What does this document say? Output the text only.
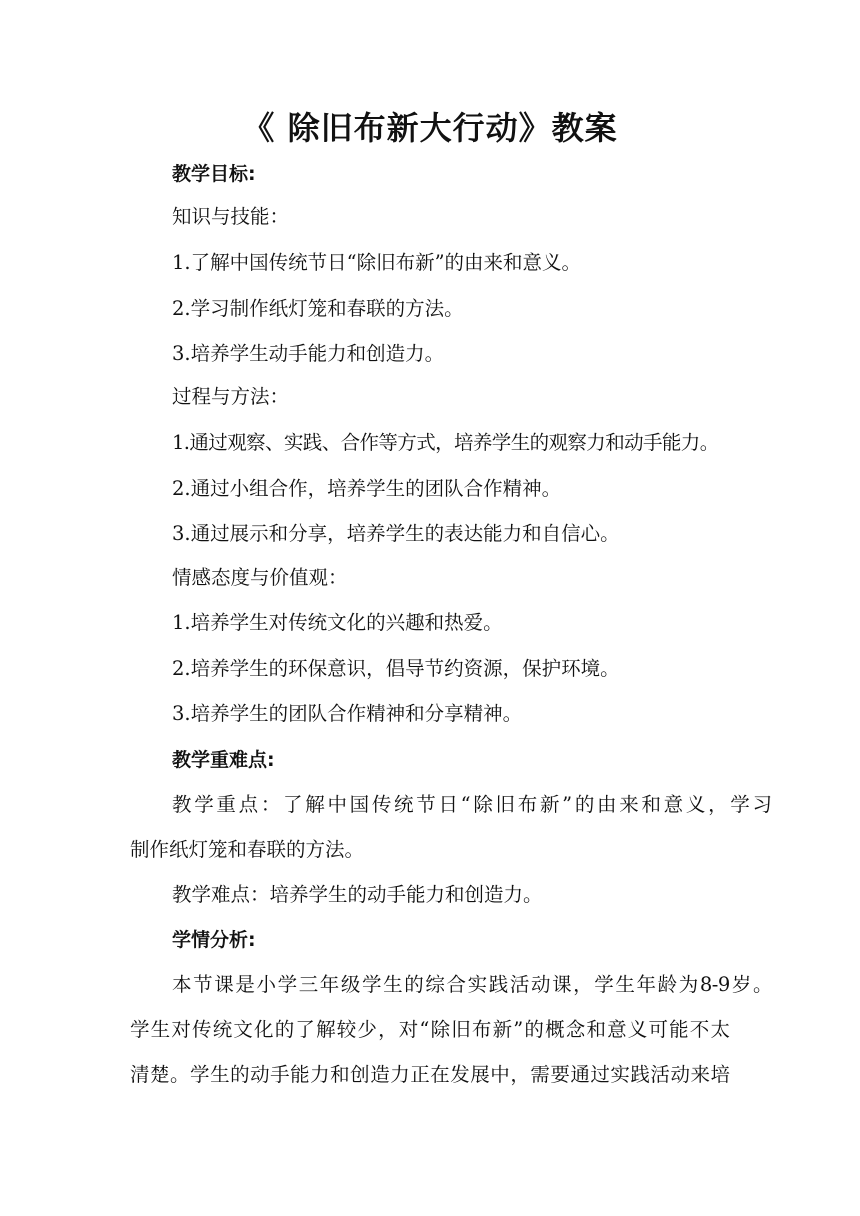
《 除旧布新大行动》教案
教学目标:
知识与技能：
1.了解中国传统节日“除旧布新”的由来和意义。
2.学习制作纸灯笼和春联的方法。
3.培养学生动手能力和创造力。
过程与方法：
1.通过观察、实践、合作等方式，培养学生的观察力和动手能力。
2.通过小组合作，培养学生的团队合作精神。
3.通过展示和分享，培养学生的表达能力和自信心。
情感态度与价值观：
1.培养学生对传统文化的兴趣和热爱。
2.培养学生的环保意识，倡导节约资源，保护环境。
3.培养学生的团队合作精神和分享精神。
教学重难点:
教学重点：了解中国传统节日“除旧布新”的由来和意义，学习
制作纸灯笼和春联的方法。
教学难点：培养学生的动手能力和创造力。
学情分析:
本节课是小学三年级学生的综合实践活动课，学生年龄为8-9岁。
学生对传统文化的了解较少，对“除旧布新”的概念和意义可能不太
清楚。学生的动手能力和创造力正在发展中，需要通过实践活动来培
